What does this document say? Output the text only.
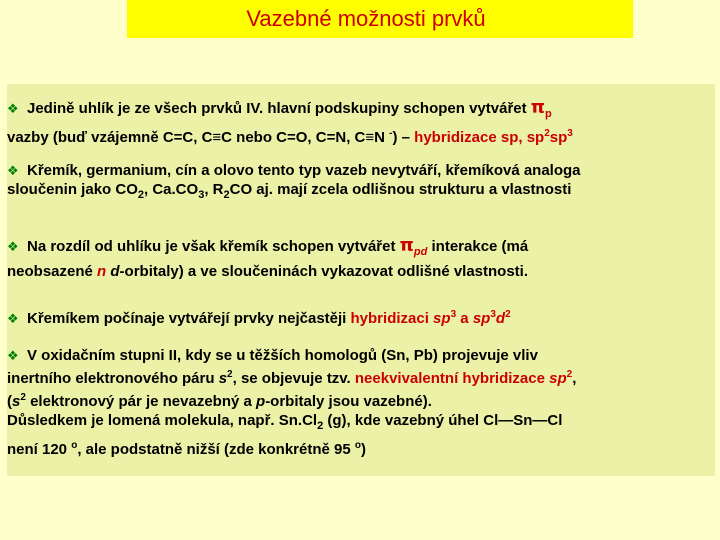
Vazebné možnosti prvků
❖ Jedině uhlík je ze všech prvků IV. hlavní podskupiny schopen vytvářet $\pi_p$
vazby (buď vzájemně C=C, C≡C nebo C=O, C=N, C≡N -) – hybridizace sp, $sp^2sp^3$
❖ Křemík, germanium, cín a olovo tento typ vazeb nevytváří, křemíková analoga
sloučenin jako $CO_2$, $Ca.CO_3$, $R_2CO$ aj. mají zcela odlišnou strukturu a vlastnosti
❖ Na rozdíl od uhlíku je však křemík schopen vytvářet $\pi_{pd}$ interakce (má
neobsazené n d-orbitaly) a ve sloučeninách vykazovat odlišné vlastnosti.
❖ Křemíkem počínaje vytvářejí prvky nejčastěji hybridizaci $sp^3$ a $sp^3d^2$
❖ V oxidačním stupni II, kdy se u těžších homologů (Sn, Pb) projevuje vliv
inertního elektronového páru $s^2$, se objevuje tzv. neekvivalentní hybridizace $sp^2$,
($s^2$ elektronový pár je nevazebný a p-orbitaly jsou vazebné).
Důsledkem je lomená molekula, např. $Sn.Cl_2$ (g), kde vazebný úhel Cl—Sn—Cl
není 120 $^o$, ale podstatně nižší (zde konkrétně 95 $^o$)
